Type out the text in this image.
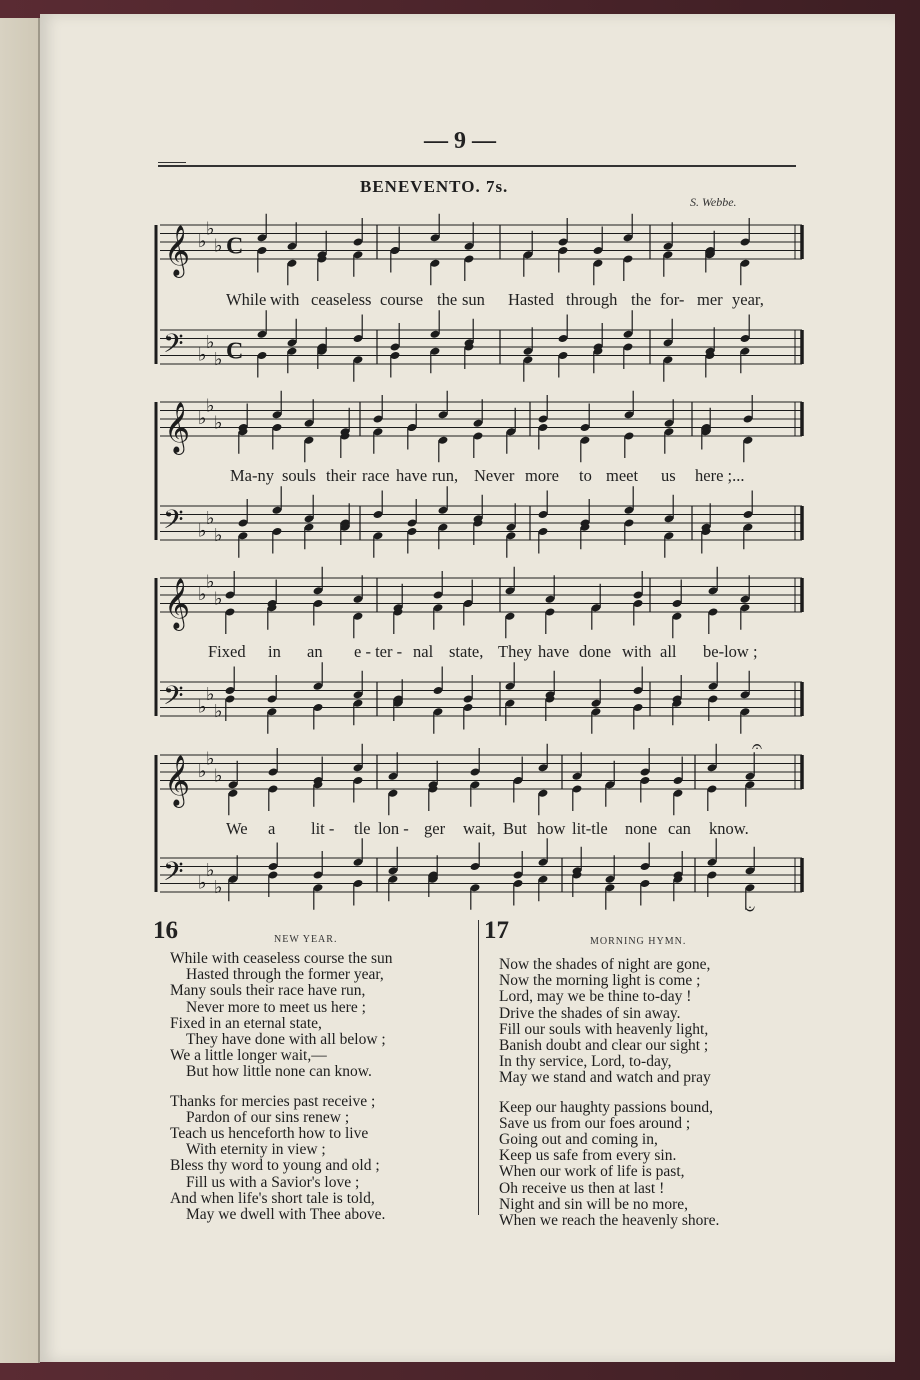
— 9 —
BENEVENTO. 7s.
S. Webbe.
𝄞 ♭
♭
♭ C
𝄢 ♭
♭
♭ C
𝄞 ♭
♭
♭
𝄢 ♭
♭
♭
𝄞 ♭
♭
♭
𝄢 ♭
♭
♭
𝄞 ♭
♭
♭
𝄢 ♭
♭
♭
𝄐
𝄑
While with ceaseless course the sun Hasted through the for- mer year,
Ma-ny souls their race have run, Never more to meet us here ;...
Fixed in an e - ter - nal state, They have done with all be-low ;
We a lit - tle lon - ger wait, But how lit-tle none can know.
16	NEW YEAR.
While with ceaseless course the sun
Hasted through the former year,
Many souls their race have run,
Never more to meet us here ;
Fixed in an eternal state,
They have done with all below ;
We a little longer wait,—
But how little none can know.
Thanks for mercies past receive ;
Pardon of our sins renew ;
Teach us henceforth how to live
With eternity in view ;
Bless thy word to young and old ;
Fill us with a Savior's love ;
And when life's short tale is told,
May we dwell with Thee above.
17	MORNING HYMN.
Now the shades of night are gone,
Now the morning light is come ;
Lord, may we be thine to-day !
Drive the shades of sin away.
Fill our souls with heavenly light,
Banish doubt and clear our sight ;
In thy service, Lord, to-day,
May we stand and watch and pray
Keep our haughty passions bound,
Save us from our foes around ;
Going out and coming in,
Keep us safe from every sin.
When our work of life is past,
Oh receive us then at last !
Night and sin will be no more,
When we reach the heavenly shore.
